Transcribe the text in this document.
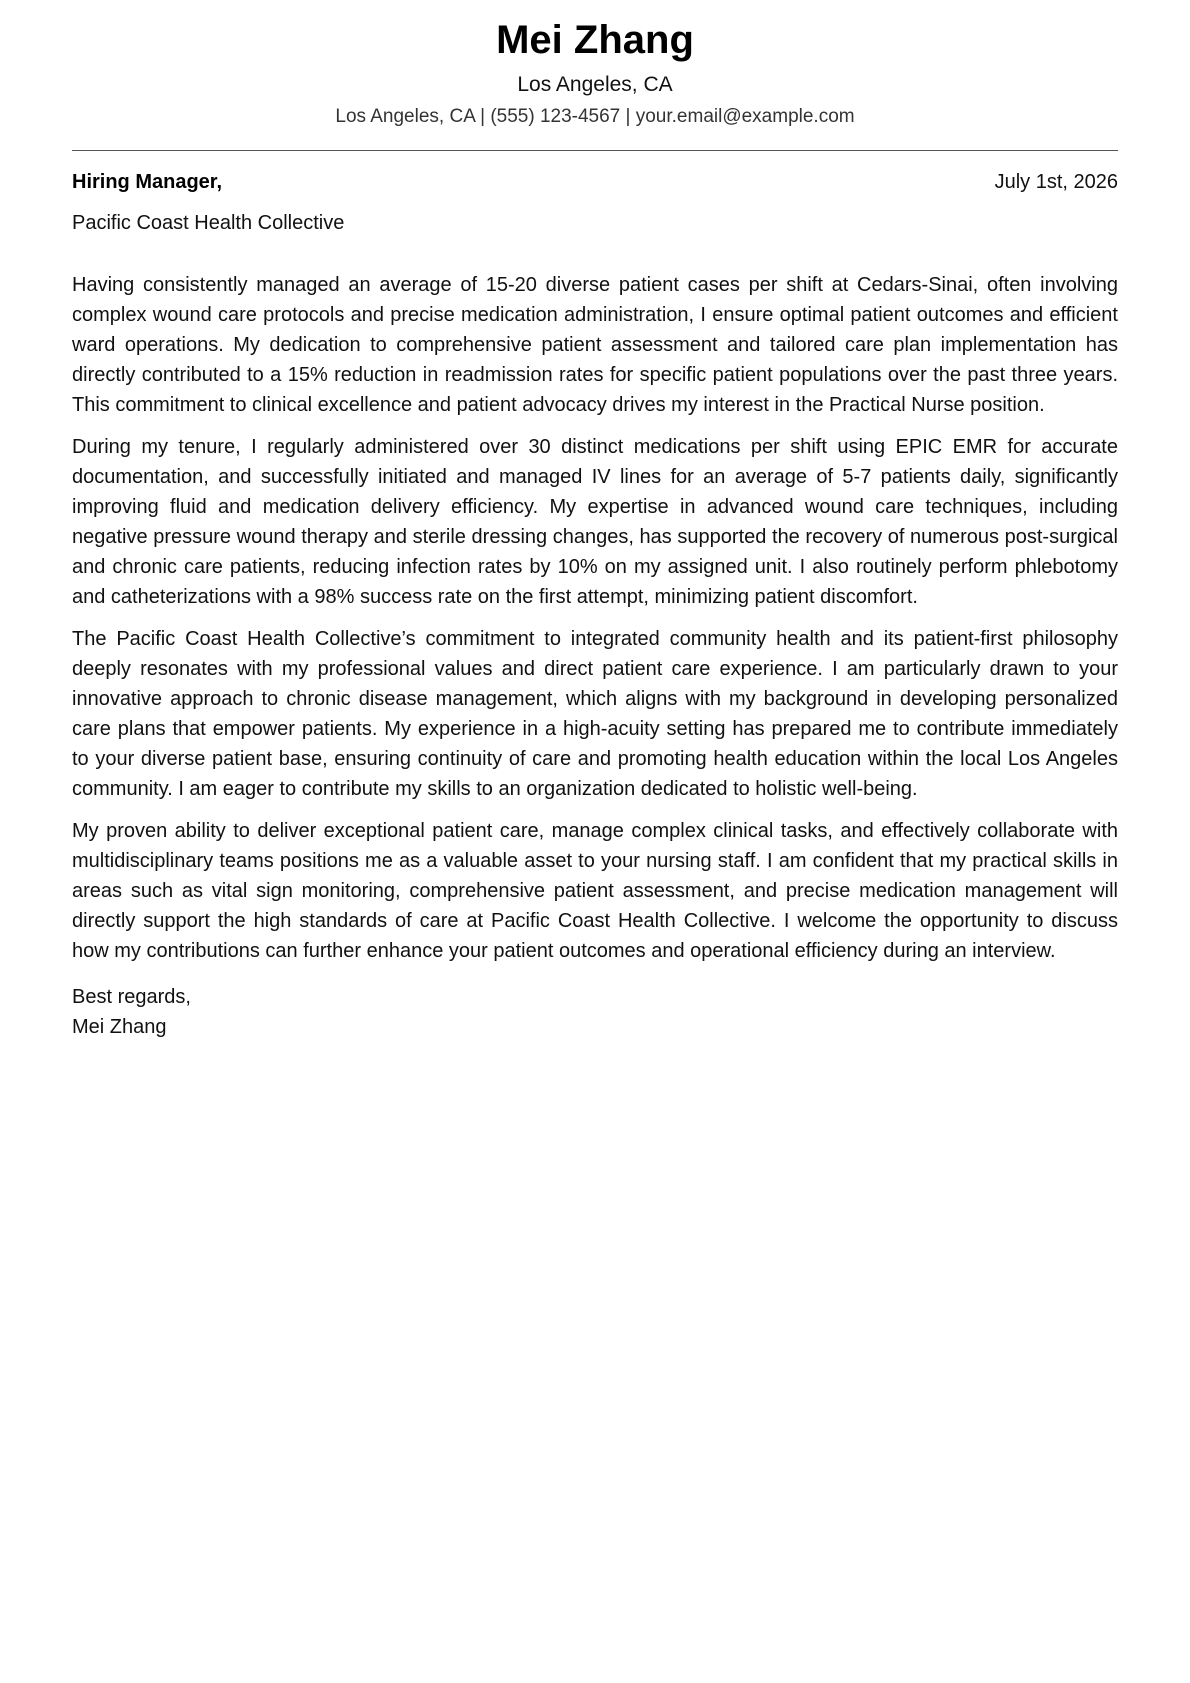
Mei Zhang
Los Angeles, CA
Los Angeles, CA | (555) 123-4567 | your.email@example.com
Hiring Manager,	July 1st, 2026
Pacific Coast Health Collective

Having consistently managed an average of 15-20 diverse patient cases per shift at Cedars-Sinai, often involving complex wound care protocols and precise medication administration, I ensure optimal patient outcomes and efficient ward operations. My dedication to comprehensive patient assessment and tailored care plan implementation has directly contributed to a 15% reduction in readmission rates for specific patient populations over the past three years. This commitment to clinical excellence and patient advocacy drives my interest in the Practical Nurse position.

During my tenure, I regularly administered over 30 distinct medications per shift using EPIC EMR for accurate documentation, and successfully initiated and managed IV lines for an average of 5-7 patients daily, significantly improving fluid and medication delivery efficiency. My expertise in advanced wound care techniques, including negative pressure wound therapy and sterile dressing changes, has supported the recovery of numerous post-surgical and chronic care patients, reducing infection rates by 10% on my assigned unit. I also routinely perform phlebotomy and catheterizations with a 98% success rate on the first attempt, minimizing patient discomfort.

The Pacific Coast Health Collective’s commitment to integrated community health and its patient-first philosophy deeply resonates with my professional values and direct patient care experience. I am particularly drawn to your innovative approach to chronic disease management, which aligns with my background in developing personalized care plans that empower patients. My experience in a high-acuity setting has prepared me to contribute immediately to your diverse patient base, ensuring continuity of care and promoting health education within the local Los Angeles community. I am eager to contribute my skills to an organization dedicated to holistic well-being.

My proven ability to deliver exceptional patient care, manage complex clinical tasks, and effectively collaborate with multidisciplinary teams positions me as a valuable asset to your nursing staff. I am confident that my practical skills in areas such as vital sign monitoring, comprehensive patient assessment, and precise medication management will directly support the high standards of care at Pacific Coast Health Collective. I welcome the opportunity to discuss how my contributions can further enhance your patient outcomes and operational efficiency during an interview.

Best regards,
Mei Zhang
